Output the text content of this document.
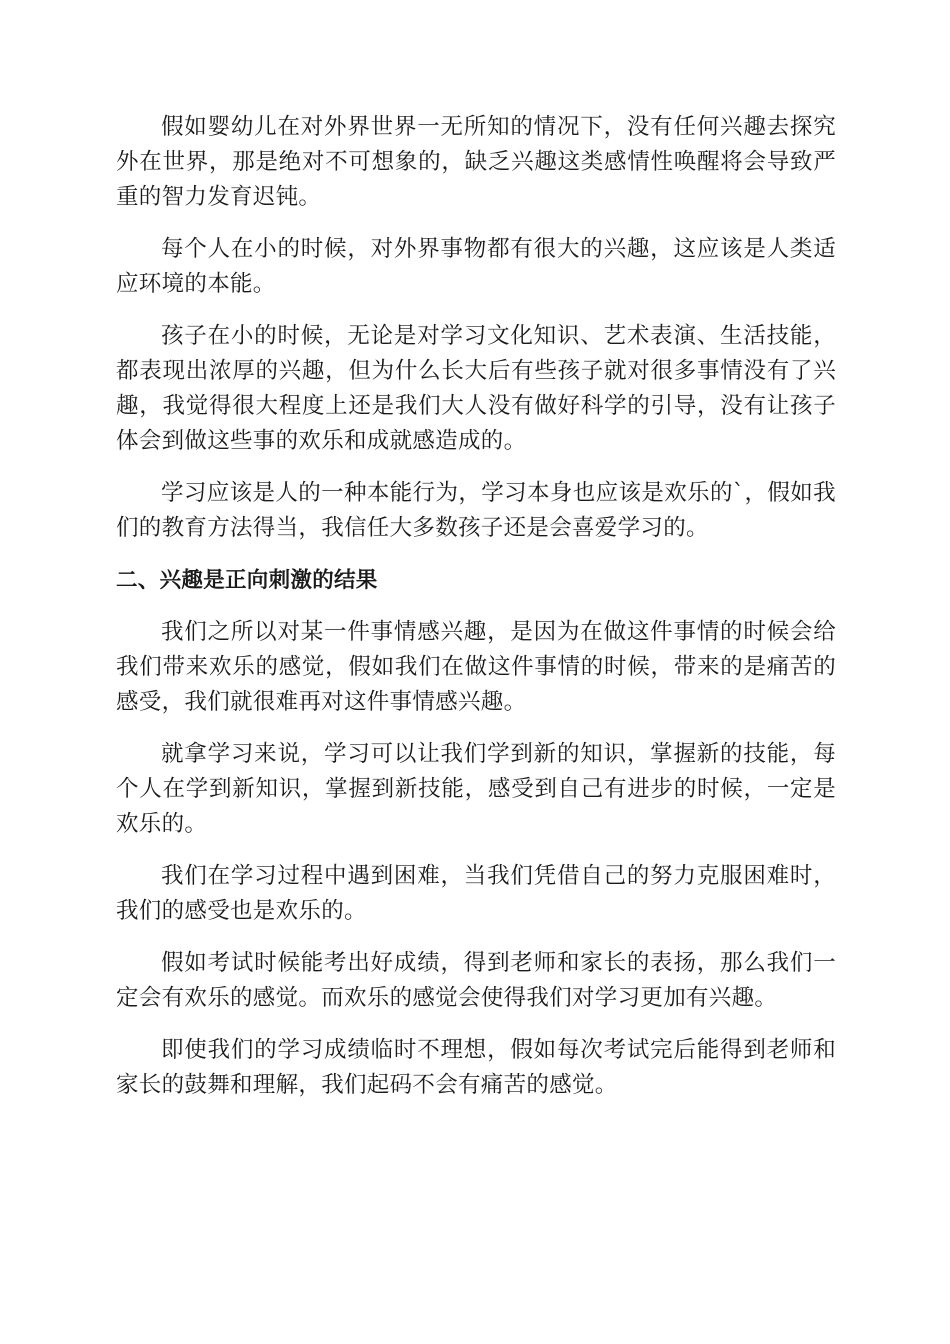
假如婴幼儿在对外界世界一无所知的情况下，没有任何兴趣去探究外在世界，那是绝对不可想象的，缺乏兴趣这类感情性唤醒将会导致严重的智力发育迟钝。

每个人在小的时候，对外界事物都有很大的兴趣，这应该是人类适应环境的本能。

孩子在小的时候，无论是对学习文化知识、艺术表演、生活技能，都表现出浓厚的兴趣，但为什么长大后有些孩子就对很多事情没有了兴趣，我觉得很大程度上还是我们大人没有做好科学的引导，没有让孩子体会到做这些事的欢乐和成就感造成的。

学习应该是人的一种本能行为，学习本身也应该是欢乐的`，假如我们的教育方法得当，我信任大多数孩子还是会喜爱学习的。

二、兴趣是正向刺激的结果

我们之所以对某一件事情感兴趣，是因为在做这件事情的时候会给我们带来欢乐的感觉，假如我们在做这件事情的时候，带来的是痛苦的感受，我们就很难再对这件事情感兴趣。

就拿学习来说，学习可以让我们学到新的知识，掌握新的技能，每个人在学到新知识，掌握到新技能，感受到自己有进步的时候，一定是欢乐的。

我们在学习过程中遇到困难，当我们凭借自己的努力克服困难时，我们的感受也是欢乐的。

假如考试时候能考出好成绩，得到老师和家长的表扬，那么我们一定会有欢乐的感觉。而欢乐的感觉会使得我们对学习更加有兴趣。

即使我们的学习成绩临时不理想，假如每次考试完后能得到老师和家长的鼓舞和理解，我们起码不会有痛苦的感觉。
